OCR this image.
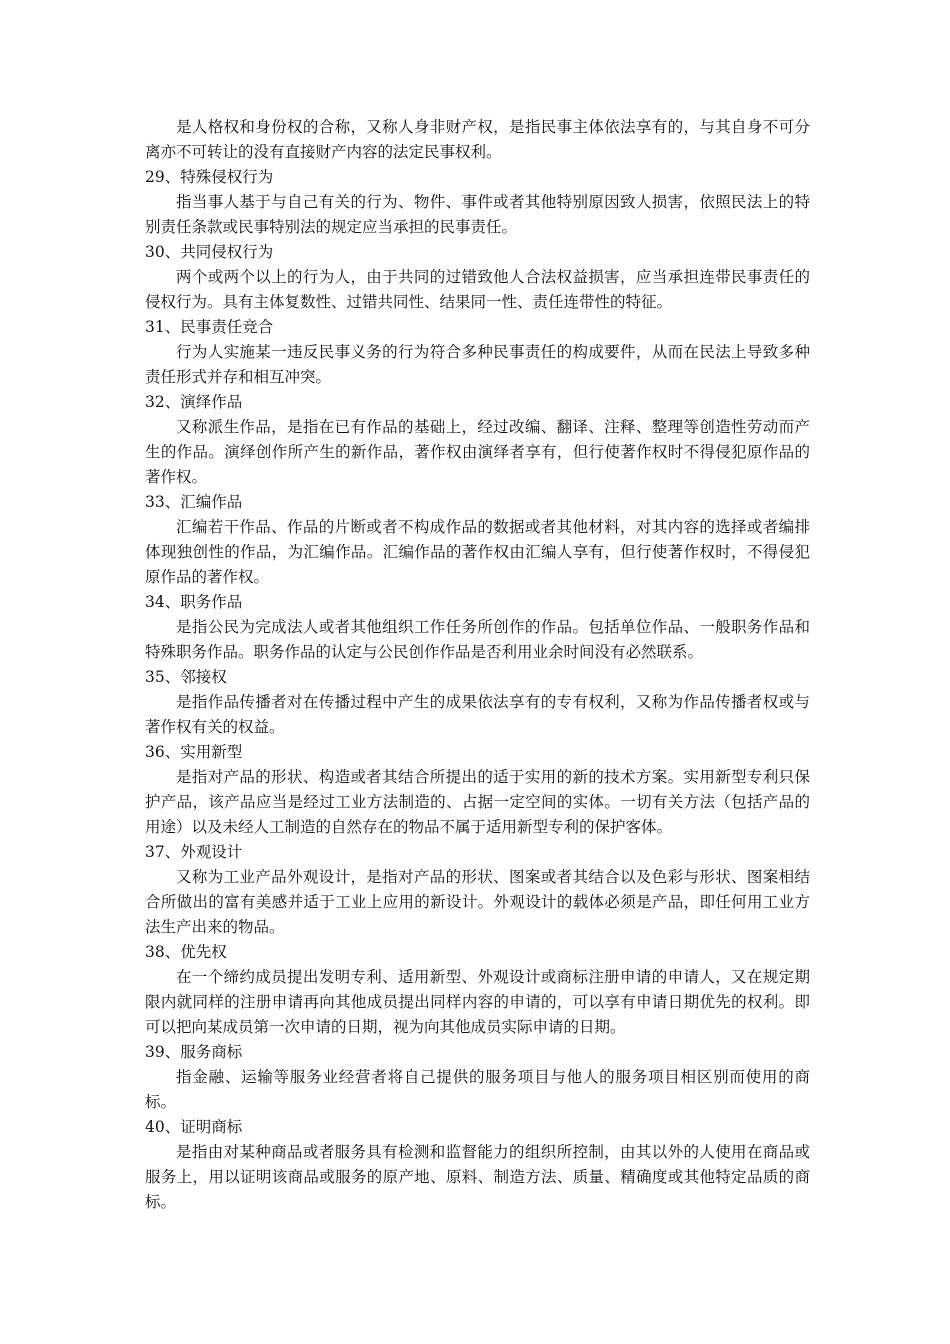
是人格权和身份权的合称，又称人身非财产权，是指民事主体依法享有的，与其自身不可分离亦不可转让的没有直接财产内容的法定民事权利。

29、特殊侵权行为

指当事人基于与自己有关的行为、物件、事件或者其他特别原因致人损害，依照民法上的特别责任条款或民事特别法的规定应当承担的民事责任。

30、共同侵权行为

两个或两个以上的行为人，由于共同的过错致他人合法权益损害，应当承担连带民事责任的侵权行为。具有主体复数性、过错共同性、结果同一性、责任连带性的特征。

31、民事责任竞合

行为人实施某一违反民事义务的行为符合多种民事责任的构成要件，从而在民法上导致多种责任形式并存和相互冲突。

32、演绎作品

又称派生作品，是指在已有作品的基础上，经过改编、翻译、注释、整理等创造性劳动而产生的作品。演绎创作所产生的新作品，著作权由演绎者享有，但行使著作权时不得侵犯原作品的著作权。

33、汇编作品

汇编若干作品、作品的片断或者不构成作品的数据或者其他材料，对其内容的选择或者编排体现独创性的作品，为汇编作品。汇编作品的著作权由汇编人享有，但行使著作权时，不得侵犯原作品的著作权。

34、职务作品

是指公民为完成法人或者其他组织工作任务所创作的作品。包括单位作品、一般职务作品和特殊职务作品。职务作品的认定与公民创作作品是否利用业余时间没有必然联系。

35、邻接权

是指作品传播者对在传播过程中产生的成果依法享有的专有权利，又称为作品传播者权或与著作权有关的权益。

36、实用新型

是指对产品的形状、构造或者其结合所提出的适于实用的新的技术方案。实用新型专利只保护产品，该产品应当是经过工业方法制造的、占据一定空间的实体。一切有关方法（包括产品的用途）以及未经人工制造的自然存在的物品不属于适用新型专利的保护客体。

37、外观设计

又称为工业产品外观设计，是指对产品的形状、图案或者其结合以及色彩与形状、图案相结合所做出的富有美感并适于工业上应用的新设计。外观设计的载体必须是产品，即任何用工业方法生产出来的物品。

38、优先权

在一个缔约成员提出发明专利、适用新型、外观设计或商标注册申请的申请人，又在规定期限内就同样的注册申请再向其他成员提出同样内容的申请的，可以享有申请日期优先的权利。即可以把向某成员第一次申请的日期，视为向其他成员实际申请的日期。

39、服务商标

指金融、运输等服务业经营者将自己提供的服务项目与他人的服务项目相区别而使用的商标。

40、证明商标

是指由对某种商品或者服务具有检测和监督能力的组织所控制，由其以外的人使用在商品或服务上，用以证明该商品或服务的原产地、原料、制造方法、质量、精确度或其他特定品质的商标。
